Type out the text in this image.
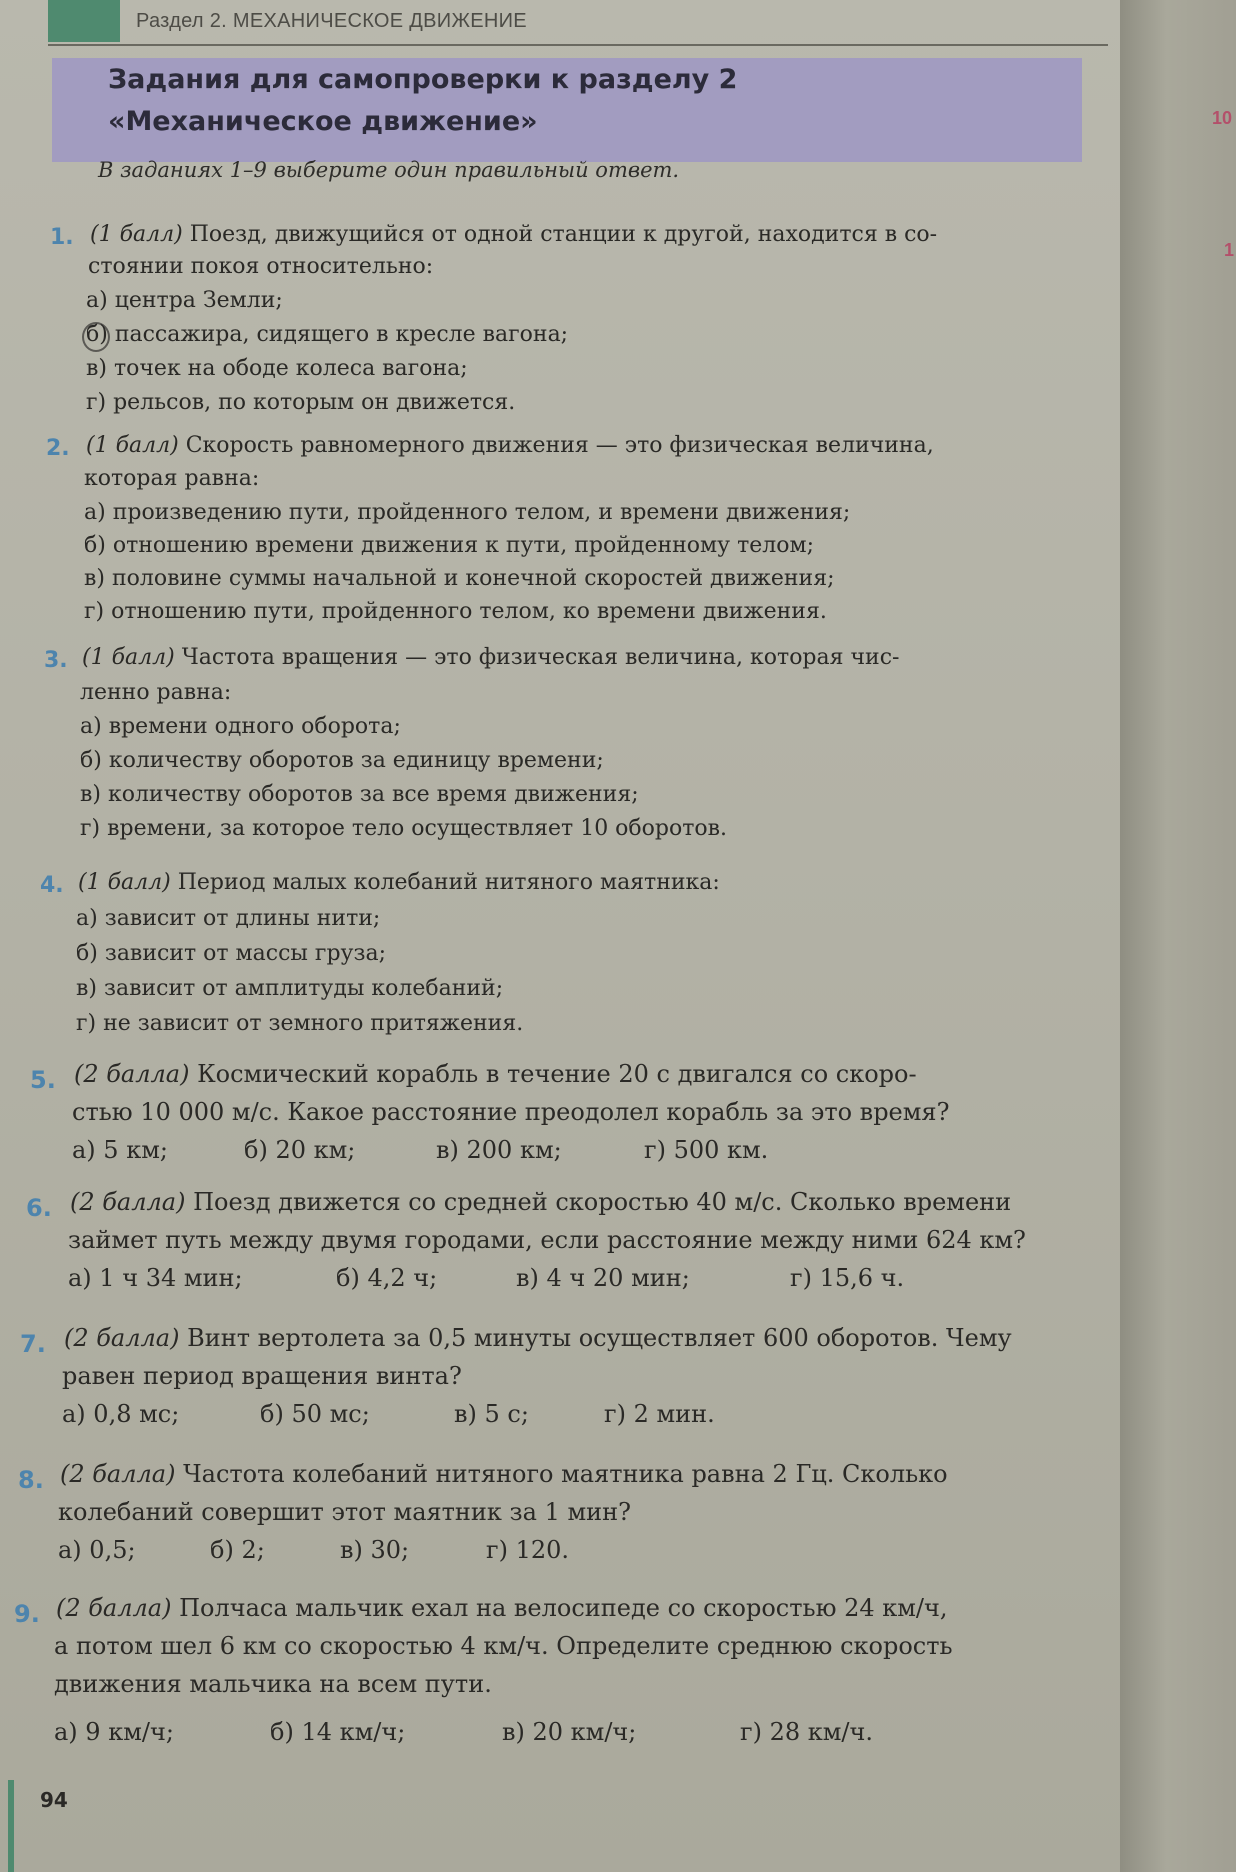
Раздел 2. МЕХАНИЧЕСКОЕ ДВИЖЕНИЕ
Задания для самопроверки к разделу 2
«Механическое движение»
В заданиях 1–9 выберите один правильный ответ.
1. (1 балл) Поезд, движущийся от одной станции к другой, находится в со-
стоянии покоя относительно:
а) центра Земли;
б) пассажира, сидящего в кресле вагона;
в) точек на ободе колеса вагона;
г) рельсов, по которым он движется.
2. (1 балл) Скорость равномерного движения — это физическая величина,
которая равна:
а) произведению пути, пройденного телом, и времени движения;
б) отношению времени движения к пути, пройденному телом;
в) половине суммы начальной и конечной скоростей движения;
г) отношению пути, пройденного телом, ко времени движения.
3. (1 балл) Частота вращения — это физическая величина, которая чис-
ленно равна:
а) времени одного оборота;
б) количеству оборотов за единицу времени;
в) количеству оборотов за все время движения;
г) времени, за которое тело осуществляет 10 оборотов.
4. (1 балл) Период малых колебаний нитяного маятника:
а) зависит от длины нити;
б) зависит от массы груза;
в) зависит от амплитуды колебаний;
г) не зависит от земного притяжения.
5. (2 балла) Космический корабль в течение 20 с двигался со скоро-
стью 10 000 м/с. Какое расстояние преодолел корабль за это время?
а) 5 км;	б) 20 км;	в) 200 км;	г) 500 км.
6. (2 балла) Поезд движется со средней скоростью 40 м/с. Сколько времени
займет путь между двумя городами, если расстояние между ними 624 км?
а) 1 ч 34 мин;	б) 4,2 ч;	в) 4 ч 20 мин;	г) 15,6 ч.
7. (2 балла) Винт вертолета за 0,5 минуты осуществляет 600 оборотов. Чему
равен период вращения винта?
а) 0,8 мс;	б) 50 мс;	в) 5 с;	г) 2 мин.
8. (2 балла) Частота колебаний нитяного маятника равна 2 Гц. Сколько
колебаний совершит этот маятник за 1 мин?
а) 0,5;	б) 2;	в) 30;	г) 120.
9. (2 балла) Полчаса мальчик ехал на велосипеде со скоростью 24 км/ч,
а потом шел 6 км со скоростью 4 км/ч. Определите среднюю скорость
движения мальчика на всем пути.
а) 9 км/ч;	б) 14 км/ч;	в) 20 км/ч;	г) 28 км/ч.
94
10
1
